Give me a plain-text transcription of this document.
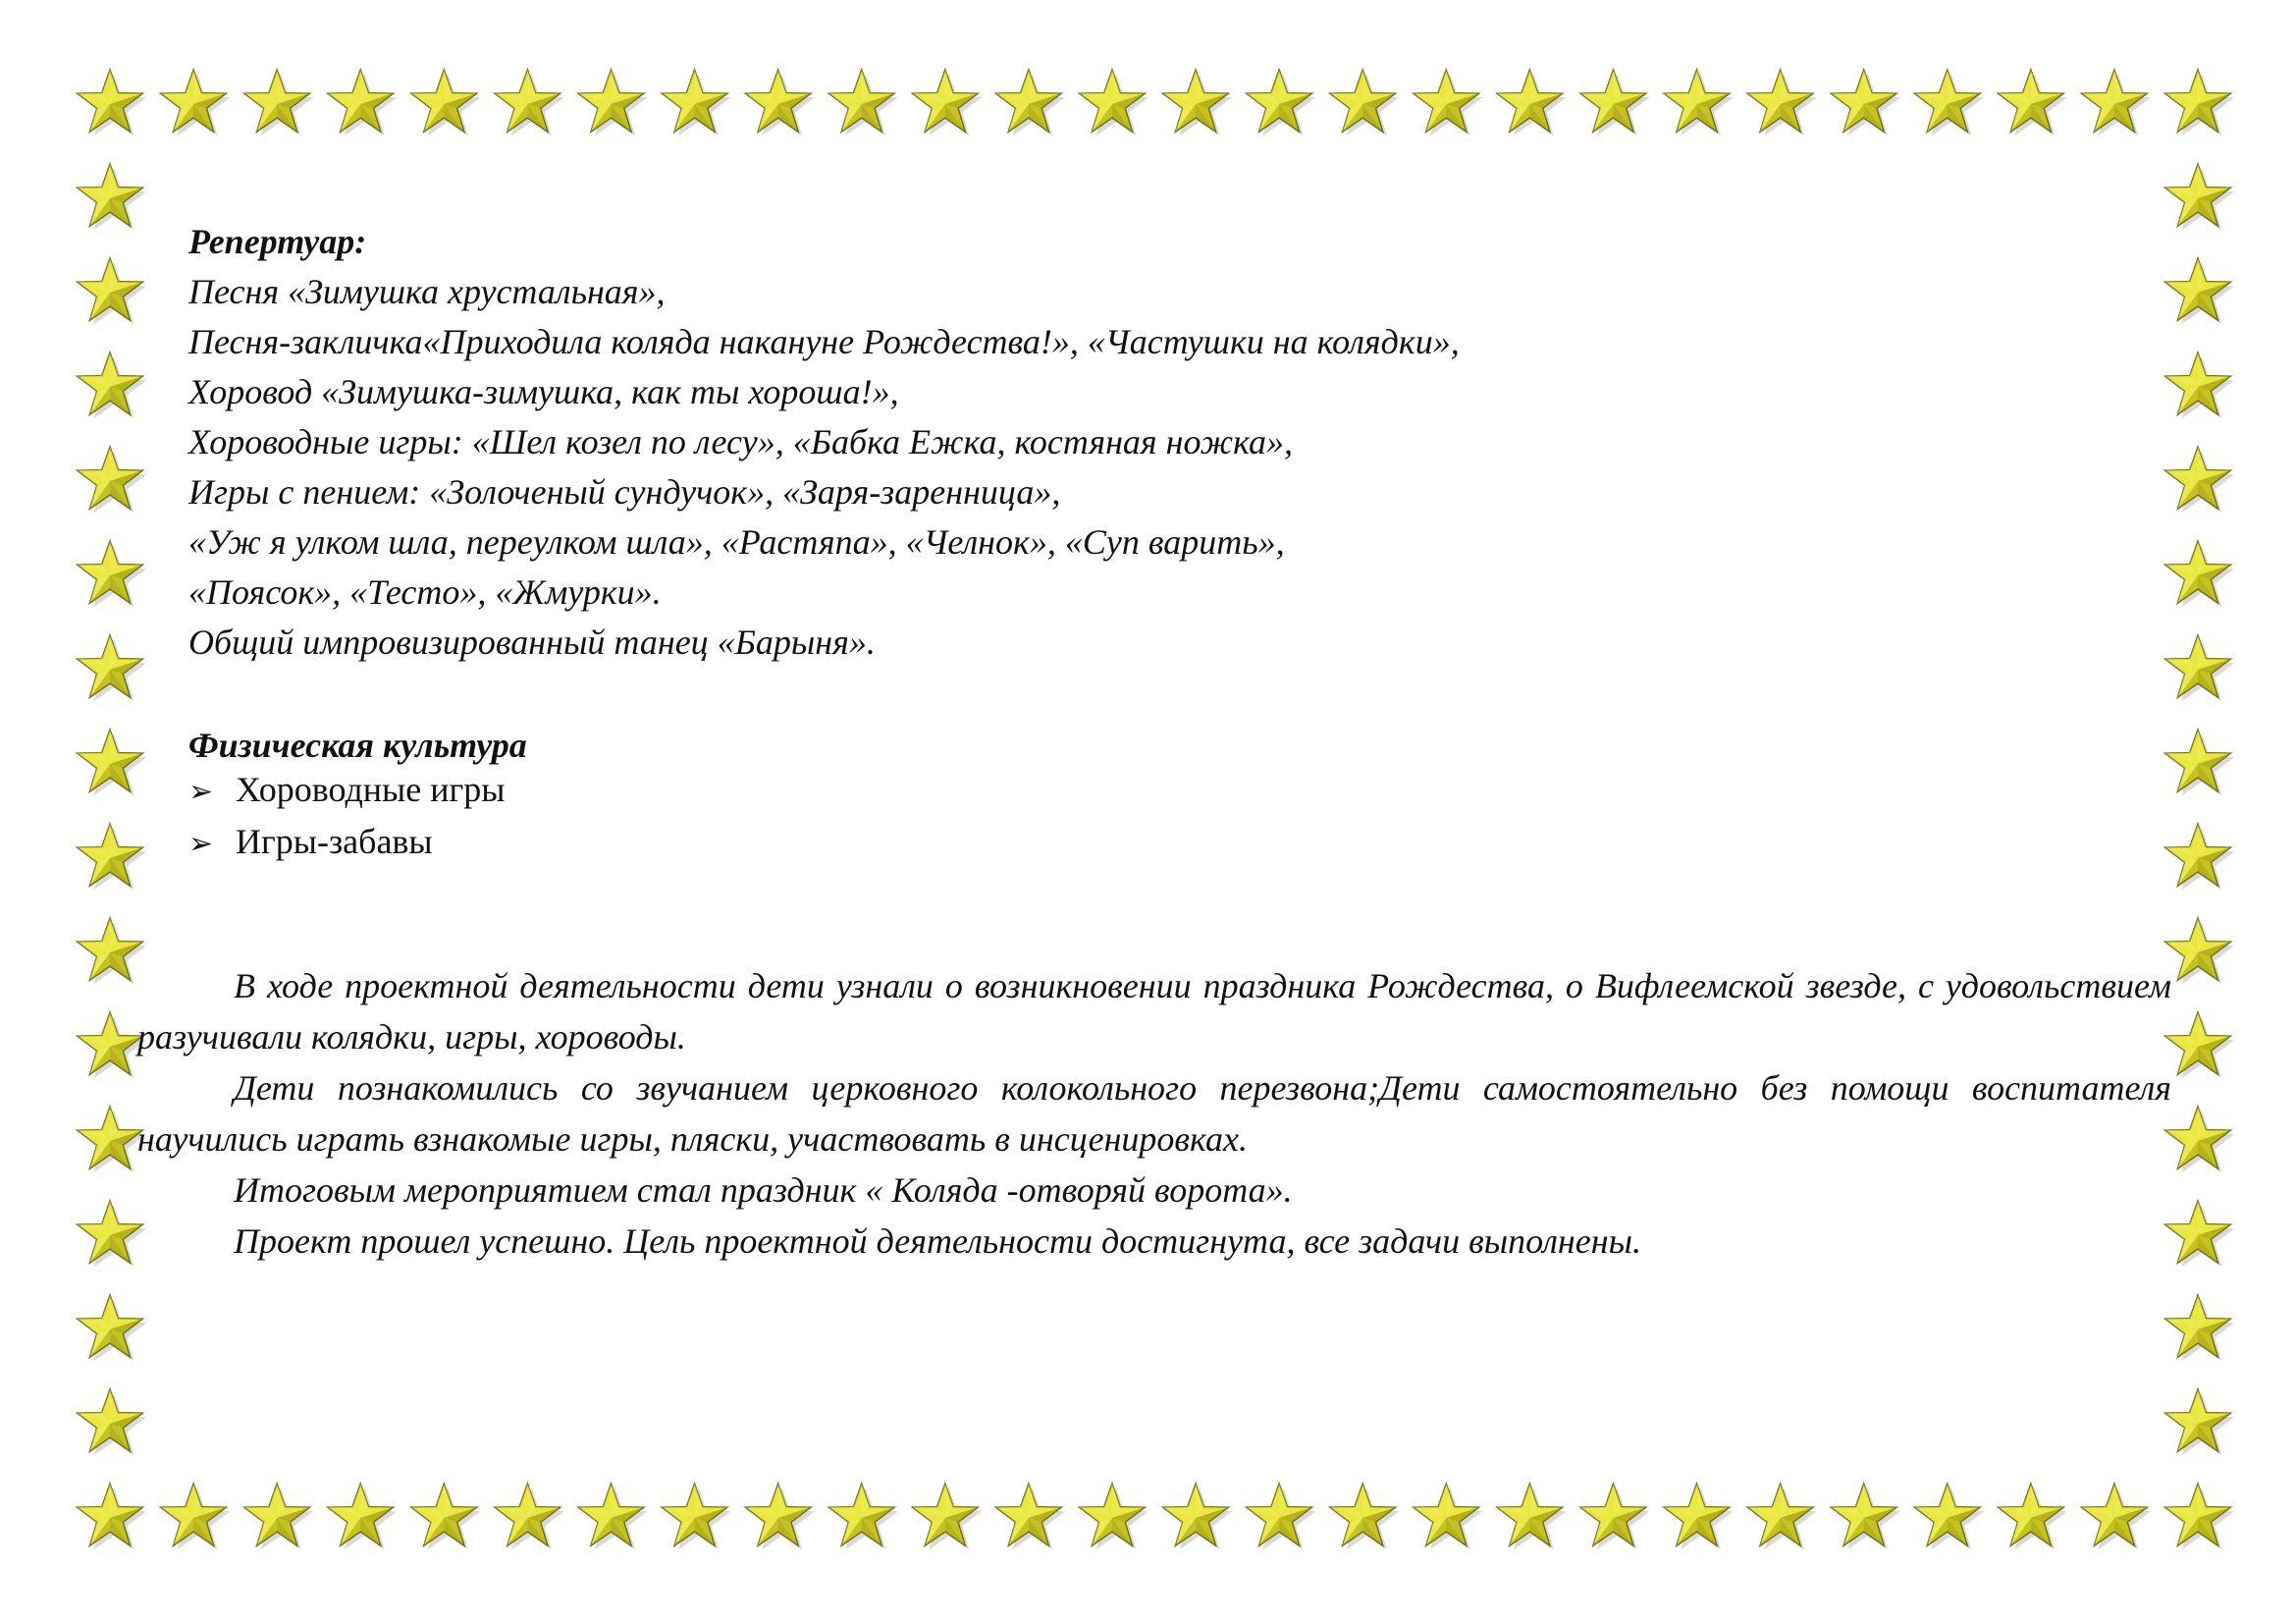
Репертуар:
Песня «Зимушка хрустальная»,
Песня-закличка«Приходила коляда накануне Рождества!», «Частушки на колядки»,
Хоровод «Зимушка-зимушка, как ты хороша!»,
Хороводные игры: «Шел козел по лесу», «Бабка Ежка, костяная ножка»,
Игры с пением: «Золоченый сундучок», «Заря-заренница»,
«Уж я улком шла, переулком шла», «Растяпа», «Челнок», «Суп варить»,
«Поясок», «Тесто», «Жмурки».
Общий импровизированный танец «Барыня».
Физическая культура
➢ Хороводные игры
➢ Игры-забавы
В ходе проектной деятельности дети узнали о возникновении праздника Рождества, о Вифлеемской звезде, с удовольствием разучивали колядки, игры, хороводы.
Дети познакомились со звучанием церковного колокольного перезвона;Дети самостоятельно без помощи воспитателя научились играть взнакомые игры, пляски, участвовать в инсценировках.
Итоговым мероприятием стал праздник « Коляда -отворяй ворота».
Проект прошел успешно. Цель проектной деятельности достигнута, все задачи выполнены.
